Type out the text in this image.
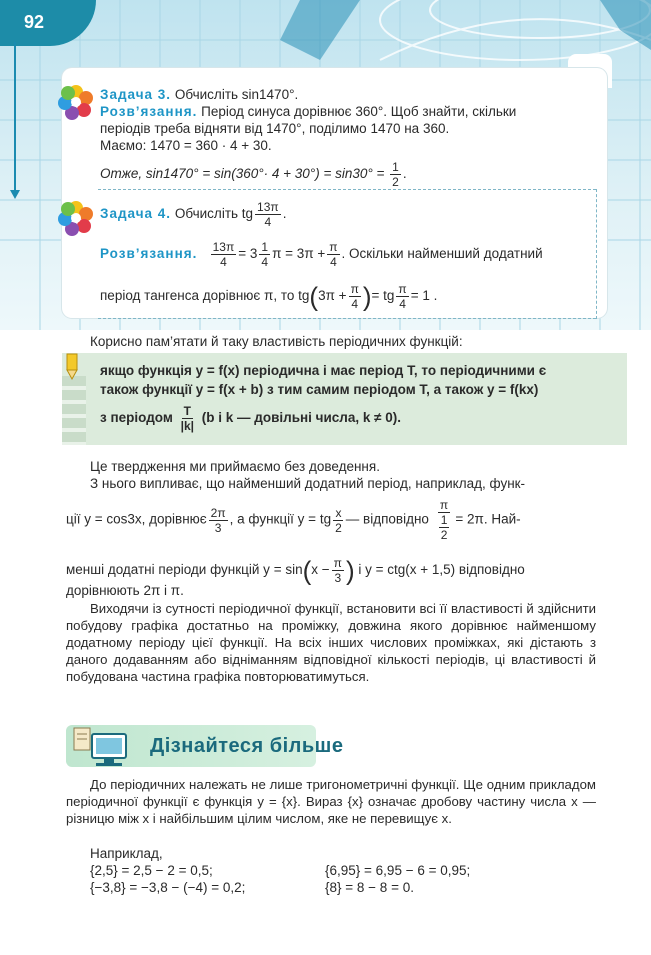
92
Задача 3. Обчисліть sin1470°.
Розв’язання. Період синуса дорівнює 360°. Щоб знайти, скільки
періодів треба відняти від 1470°, поділимо 1470 на 360.
Маємо: 1470 = 360 · 4 + 30.
Отже, $\sin 1470^\circ = \sin(360^\circ\cdot 4 + 30^\circ) = \sin 30^\circ = \frac{1}{2}$ .
Задача 4. Обчисліть tg $\frac{13\pi}{4}$ .
Розв’язання. $\frac{13\pi}{4} = 3 \frac{1}{4}$ $\pi = 3\pi + \frac{\pi}{4}$ . Оскільки найменший додатний
період тангенса дорівнює π, то $tg(3\pi + \frac{\pi}{4}$ )= tg $\frac{\pi}{4} = 1$ .
Корисно пам’ятати й таку властивість періодичних функцій:
якщо функція y = f(x) періодична і має період T, то періодичними є
також функції y = f(x + b) з тим самим періодом T, а також y = f(kx)
з періодом $\frac{T}{|k|} (b$ і k — довільні числа, k ≠ 0).
Це твердження ми приймаємо без доведення.
З нього випливає, що найменший додатний період, наприклад, функ-
ції y = cos3x, дорівнює $\frac{2\pi}{3}$ , а функції y = tg $\frac{x}{2}$ — відповідно $\frac{\pi}{\frac{1}{2}} = 2\pi$. Най-
менші додатні періоди функцій $y = \sin(x - \frac{\pi}{3}$ ) і y = ctg(x + 1,5) відповідно
дорівнюють 2π і π.
Виходячи із сутності періодичної функції, встановити всі її властивості й здійснити побудову графіка достатньо на проміжку, довжина якого дорівнює найменшому додатному періоду цієї функції. На всіх інших числових проміжках, які дістають з даного додаванням або відніманням відповідної кількості періодів, ці властивості й побудована частина графіка повторюватимуться.
Дізнайтеся більше
До періодичних належать не лише тригонометричні функції. Ще одним прикладом періодичної функції є функція y = {x}. Вираз {x} означає дробову частину числа x — різницю між x і найбільшим цілим числом, яке не перевищує x.
Наприклад,
{2,5} = 2,5 − 2 = 0,5;	{6,95} = 6,95 − 6 = 0,95;
{−3,8} = −3,8 − (−4) = 0,2;	{8} = 8 − 8 = 0.
